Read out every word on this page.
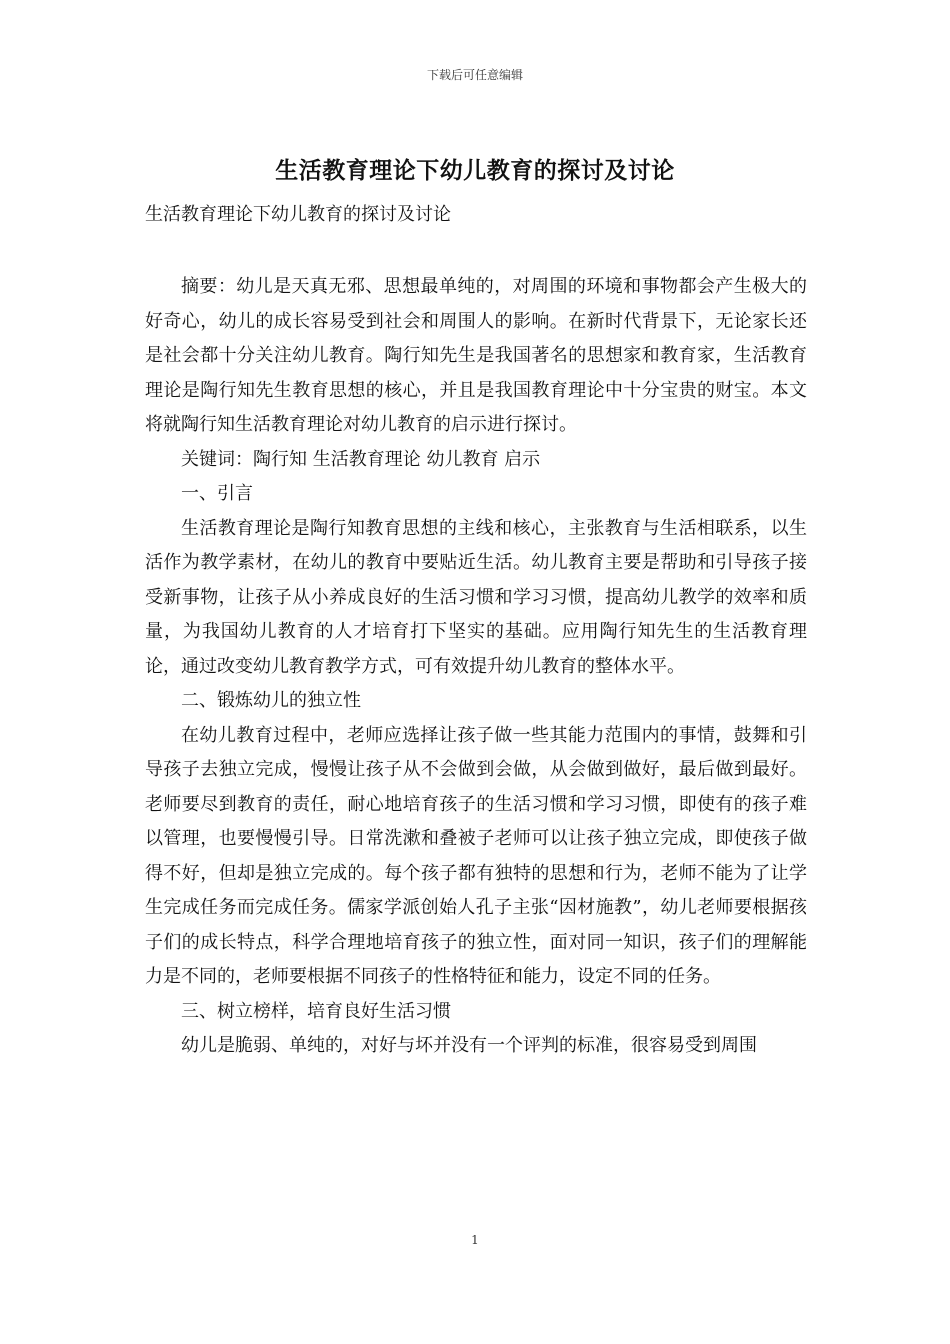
下载后可任意编辑
生活教育理论下幼儿教育的探讨及讨论
生活教育理论下幼儿教育的探讨及讨论

摘要：幼儿是天真无邪、思想最单纯的，对周围的环境和事物都会产生极大的好奇心，幼儿的成长容易受到社会和周围人的影响。在新时代背景下，无论家长还是社会都十分关注幼儿教育。陶行知先生是我国著名的思想家和教育家，生活教育理论是陶行知先生教育思想的核心，并且是我国教育理论中十分宝贵的财宝。本文将就陶行知生活教育理论对幼儿教育的启示进行探讨。

关键词：陶行知 生活教育理论 幼儿教育 启示

一、引言

生活教育理论是陶行知教育思想的主线和核心，主张教育与生活相联系，以生活作为教学素材，在幼儿的教育中要贴近生活。幼儿教育主要是帮助和引导孩子接受新事物，让孩子从小养成良好的生活习惯和学习习惯，提高幼儿教学的效率和质量，为我国幼儿教育的人才培育打下坚实的基础。应用陶行知先生的生活教育理论，通过改变幼儿教育教学方式，可有效提升幼儿教育的整体水平。

二、锻炼幼儿的独立性

在幼儿教育过程中，老师应选择让孩子做一些其能力范围内的事情，鼓舞和引导孩子去独立完成，慢慢让孩子从不会做到会做，从会做到做好，最后做到最好。老师要尽到教育的责任，耐心地培育孩子的生活习惯和学习习惯，即使有的孩子难以管理，也要慢慢引导。日常洗漱和叠被子老师可以让孩子独立完成，即使孩子做得不好，但却是独立完成的。每个孩子都有独特的思想和行为，老师不能为了让学生完成任务而完成任务。儒家学派创始人孔子主张“因材施教”，幼儿老师要根据孩子们的成长特点，科学合理地培育孩子的独立性，面对同一知识，孩子们的理解能力是不同的，老师要根据不同孩子的性格特征和能力，设定不同的任务。

三、树立榜样，培育良好生活习惯

幼儿是脆弱、单纯的，对好与坏并没有一个评判的标准，很容易受到周围

1
